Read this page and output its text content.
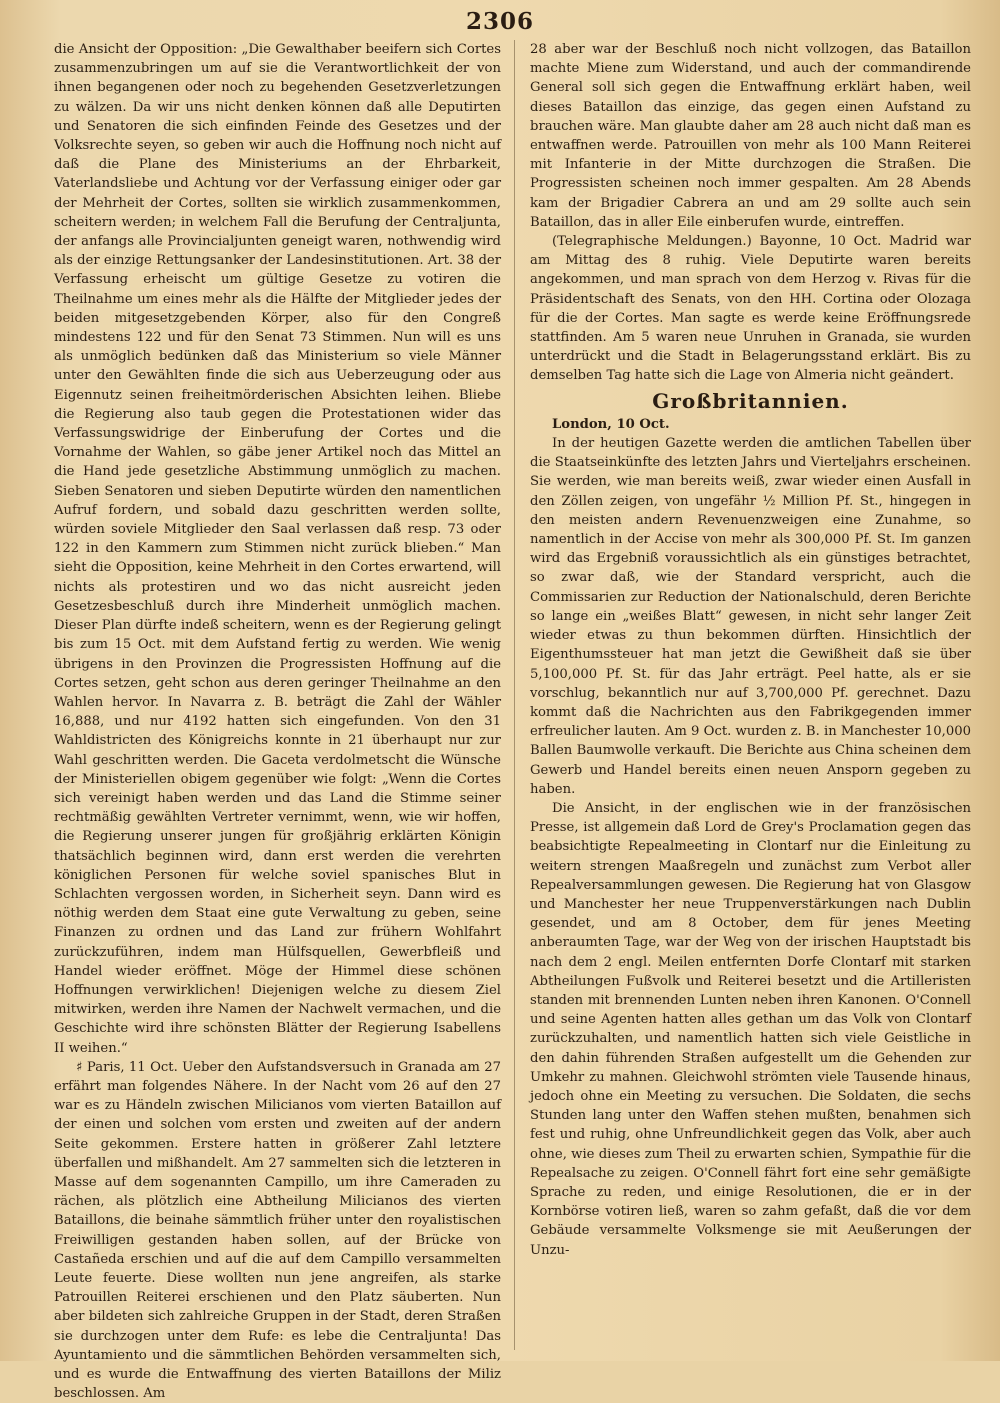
2306

die Ansicht der Opposition: „Die Gewalthaber beeifern sich Cortes zusammenzubringen um auf sie die Verantwortlichkeit der von ihnen begangenen oder noch zu begehenden Gesetzverletzungen zu wälzen. Da wir uns nicht denken können daß alle Deputirten und Senatoren die sich einfinden Feinde des Gesetzes und der Volksrechte seyen, so geben wir auch die Hoffnung noch nicht auf daß die Plane des Ministeriums an der Ehrbarkeit, Vaterlandsliebe und Achtung vor der Verfassung einiger oder gar der Mehrheit der Cortes, sollten sie wirklich zusammenkommen, scheitern werden; in welchem Fall die Berufung der Centraljunta, der anfangs alle Provincialjunten geneigt waren, nothwendig wird als der einzige Rettungsanker der Landesinstitutionen. Art. 38 der Verfassung erheischt um gültige Gesetze zu votiren die Theilnahme um eines mehr als die Hälfte der Mitglieder jedes der beiden mitgesetzgebenden Körper, also für den Congreß mindestens 122 und für den Senat 73 Stimmen. Nun will es uns als unmöglich bedünken daß das Ministerium so viele Männer unter den Gewählten finde die sich aus Ueberzeugung oder aus Eigennutz seinen freiheitmörderischen Absichten leihen. Bliebe die Regierung also taub gegen die Protestationen wider das Verfassungswidrige der Einberufung der Cortes und die Vornahme der Wahlen, so gäbe jener Artikel noch das Mittel an die Hand jede gesetzliche Abstimmung unmöglich zu machen. Sieben Senatoren und sieben Deputirte würden den namentlichen Aufruf fordern, und sobald dazu geschritten werden sollte, würden soviele Mitglieder den Saal verlassen daß resp. 73 oder 122 in den Kammern zum Stimmen nicht zurück blieben.“ Man sieht die Opposition, keine Mehrheit in den Cortes erwartend, will nichts als protestiren und wo das nicht ausreicht jeden Gesetzesbeschluß durch ihre Minderheit unmöglich machen. Dieser Plan dürfte indeß scheitern, wenn es der Regierung gelingt bis zum 15 Oct. mit dem Aufstand fertig zu werden. Wie wenig übrigens in den Provinzen die Progressisten Hoffnung auf die Cortes setzen, geht schon aus deren geringer Theilnahme an den Wahlen hervor. In Navarra z. B. beträgt die Zahl der Wähler 16,888, und nur 4192 hatten sich eingefunden. Von den 31 Wahldistricten des Königreichs konnte in 21 überhaupt nur zur Wahl geschritten werden. Die Gaceta verdolmetscht die Wünsche der Ministeriellen obigem gegenüber wie folgt: „Wenn die Cortes sich vereinigt haben werden und das Land die Stimme seiner rechtmäßig gewählten Vertreter vernimmt, wenn, wie wir hoffen, die Regierung unserer jungen für großjährig erklärten Königin thatsächlich beginnen wird, dann erst werden die verehrten königlichen Personen für welche soviel spanisches Blut in Schlachten vergossen worden, in Sicherheit seyn. Dann wird es nöthig werden dem Staat eine gute Verwaltung zu geben, seine Finanzen zu ordnen und das Land zur frühern Wohlfahrt zurückzuführen, indem man Hülfsquellen, Gewerbfleiß und Handel wieder eröffnet. Möge der Himmel diese schönen Hoffnungen verwirklichen! Diejenigen welche zu diesem Ziel mitwirken, werden ihre Namen der Nachwelt vermachen, und die Geschichte wird ihre schönsten Blätter der Regierung Isabellens II weihen.“

♯ Paris, 11 Oct. Ueber den Aufstandsversuch in Granada am 27 erfährt man folgendes Nähere. In der Nacht vom 26 auf den 27 war es zu Händeln zwischen Milicianos vom vierten Bataillon auf der einen und solchen vom ersten und zweiten auf der andern Seite gekommen. Erstere hatten in größerer Zahl letztere überfallen und mißhandelt. Am 27 sammelten sich die letzteren in Masse auf dem sogenannten Campillo, um ihre Cameraden zu rächen, als plötzlich eine Abtheilung Milicianos des vierten Bataillons, die beinahe sämmtlich früher unter den royalistischen Freiwilligen gestanden haben sollen, auf der Brücke von Castañeda erschien und auf die auf dem Campillo versammelten Leute feuerte. Diese wollten nun jene angreifen, als starke Patrouillen Reiterei erschienen und den Platz säuberten. Nun aber bildeten sich zahlreiche Gruppen in der Stadt, deren Straßen sie durchzogen unter dem Rufe: es lebe die Centraljunta! Das Ayuntamiento und die sämmtlichen Behörden versammelten sich, und es wurde die Entwaffnung des vierten Bataillons der Miliz beschlossen. Am

28 aber war der Beschluß noch nicht vollzogen, das Bataillon machte Miene zum Widerstand, und auch der commandirende General soll sich gegen die Entwaffnung erklärt haben, weil dieses Bataillon das einzige, das gegen einen Aufstand zu brauchen wäre. Man glaubte daher am 28 auch nicht daß man es entwaffnen werde. Patrouillen von mehr als 100 Mann Reiterei mit Infanterie in der Mitte durchzogen die Straßen. Die Progressisten scheinen noch immer gespalten. Am 28 Abends kam der Brigadier Cabrera an und am 29 sollte auch sein Bataillon, das in aller Eile einberufen wurde, eintreffen.

(Telegraphische Meldungen.) Bayonne, 10 Oct. Madrid war am Mittag des 8 ruhig. Viele Deputirte waren bereits angekommen, und man sprach von dem Herzog v. Rivas für die Präsidentschaft des Senats, von den HH. Cortina oder Olozaga für die der Cortes. Man sagte es werde keine Eröffnungsrede stattfinden. Am 5 waren neue Unruhen in Granada, sie wurden unterdrückt und die Stadt in Belagerungsstand erklärt. Bis zu demselben Tag hatte sich die Lage von Almeria nicht geändert.

Großbritannien.

London, 10 Oct.

In der heutigen Gazette werden die amtlichen Tabellen über die Staatseinkünfte des letzten Jahrs und Vierteljahrs erscheinen. Sie werden, wie man bereits weiß, zwar wieder einen Ausfall in den Zöllen zeigen, von ungefähr ½ Million Pf. St., hingegen in den meisten andern Revenuenzweigen eine Zunahme, so namentlich in der Accise von mehr als 300,000 Pf. St. Im ganzen wird das Ergebniß voraussichtlich als ein günstiges betrachtet, so zwar daß, wie der Standard verspricht, auch die Commissarien zur Reduction der Nationalschuld, deren Berichte so lange ein „weißes Blatt“ gewesen, in nicht sehr langer Zeit wieder etwas zu thun bekommen dürften. Hinsichtlich der Eigenthumssteuer hat man jetzt die Gewißheit daß sie über 5,100,000 Pf. St. für das Jahr erträgt. Peel hatte, als er sie vorschlug, bekanntlich nur auf 3,700,000 Pf. gerechnet. Dazu kommt daß die Nachrichten aus den Fabrikgegenden immer erfreulicher lauten. Am 9 Oct. wurden z. B. in Manchester 10,000 Ballen Baumwolle verkauft. Die Berichte aus China scheinen dem Gewerb und Handel bereits einen neuen Ansporn gegeben zu haben.

Die Ansicht, in der englischen wie in der französischen Presse, ist allgemein daß Lord de Grey's Proclamation gegen das beabsichtigte Repealmeeting in Clontarf nur die Einleitung zu weitern strengen Maaßregeln und zunächst zum Verbot aller Repealversammlungen gewesen. Die Regierung hat von Glasgow und Manchester her neue Truppenverstärkungen nach Dublin gesendet, und am 8 October, dem für jenes Meeting anberaumten Tage, war der Weg von der irischen Hauptstadt bis nach dem 2 engl. Meilen entfernten Dorfe Clontarf mit starken Abtheilungen Fußvolk und Reiterei besetzt und die Artilleristen standen mit brennenden Lunten neben ihren Kanonen. O'Connell und seine Agenten hatten alles gethan um das Volk von Clontarf zurückzuhalten, und namentlich hatten sich viele Geistliche in den dahin führenden Straßen aufgestellt um die Gehenden zur Umkehr zu mahnen. Gleichwohl strömten viele Tausende hinaus, jedoch ohne ein Meeting zu versuchen. Die Soldaten, die sechs Stunden lang unter den Waffen stehen mußten, benahmen sich fest und ruhig, ohne Unfreundlichkeit gegen das Volk, aber auch ohne, wie dieses zum Theil zu erwarten schien, Sympathie für die Repealsache zu zeigen. O'Connell fährt fort eine sehr gemäßigte Sprache zu reden, und einige Resolutionen, die er in der Kornbörse votiren ließ, waren so zahm gefaßt, daß die vor dem Gebäude versammelte Volksmenge sie mit Aeußerungen der Unzu-
